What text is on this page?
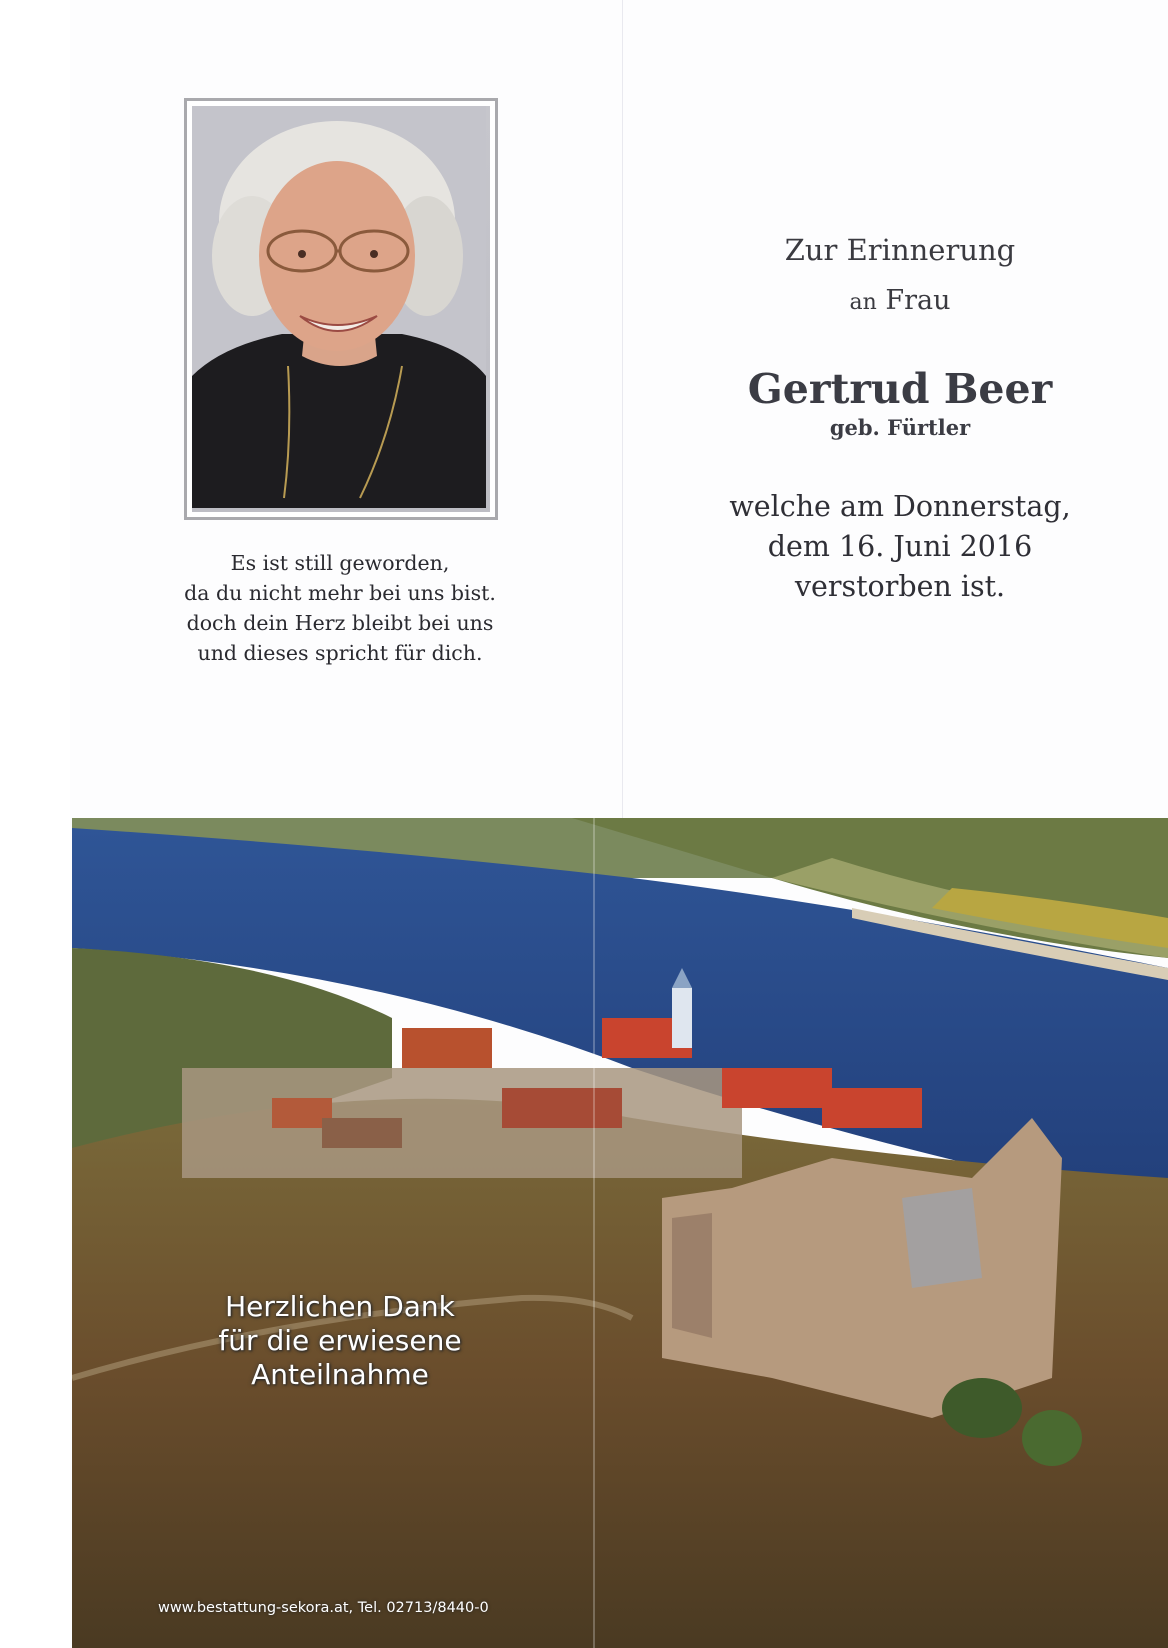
Es ist still geworden,
da du nicht mehr bei uns bist.
doch dein Herz bleibt bei uns
und dieses spricht für dich.
Zur Erinnerung
an Frau
Gertrud Beer
geb. Fürtler
welche am Donnerstag,
dem 16. Juni 2016
verstorben ist.
Herzlichen Dank
für die erwiesene
Anteilnahme
www.bestattung-sekora.at, Tel. 02713/8440-0
